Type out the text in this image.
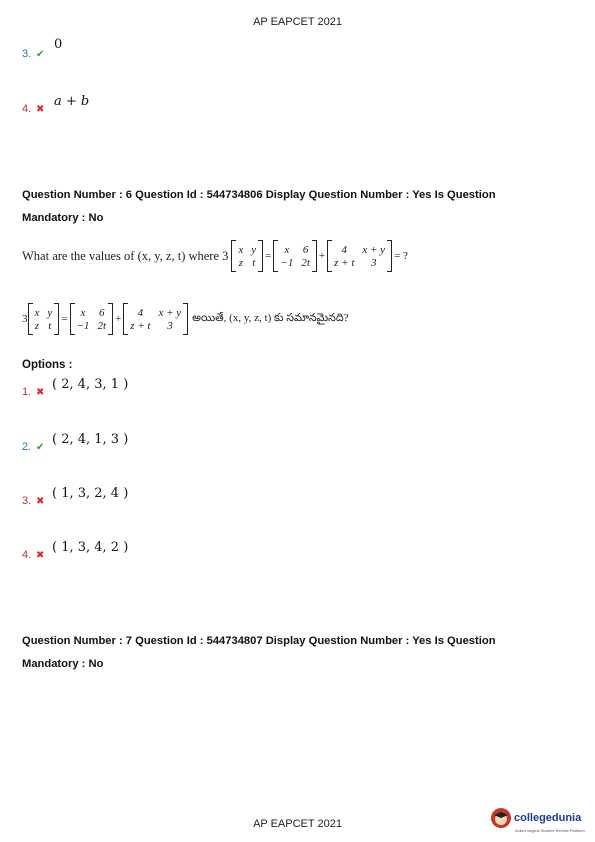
AP EAPCET 2021
3. ✔
0
4. ✖
a + b
Question Number : 6 Question Id : 544734806 Display Question Number : Yes Is Question
Mandatory : No
What are the values of (x, y, z, t) where 3 x y
z t
=
x	6
−1 2t
+
4	x + y
z + t	3
= ?
3
x y
z t
=
x	6
−1 2t
+
4	x + y
z + t	3
అయితే, (x, y, z, t) కు సమానమైనది?
Options :
1. ✖
( 2, 4, 3, 1 )
2. ✔
( 2, 4, 1, 3 )
3. ✖
( 1, 3, 2, 4 )
4. ✖
( 1, 3, 4, 2 )
Question Number : 7 Question Id : 544734807 Display Question Number : Yes Is Question
Mandatory : No
AP EAPCET 2021
collegedunia
India's largest Student Review Platform
